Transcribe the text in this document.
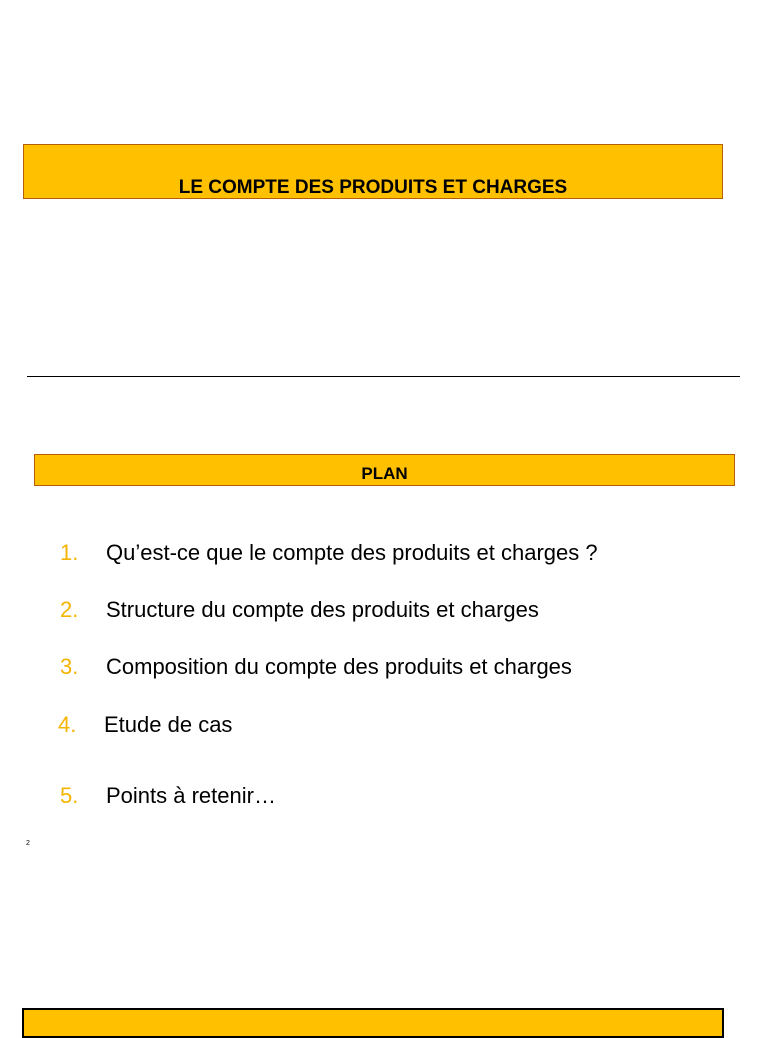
LE COMPTE DES PRODUITS ET CHARGES
PLAN
1. Qu’est-ce que le compte des produits et charges ?
2. Structure du compte des produits et charges
3. Composition du compte des produits et charges
4. Etude de cas
5. Points à retenir…
2
